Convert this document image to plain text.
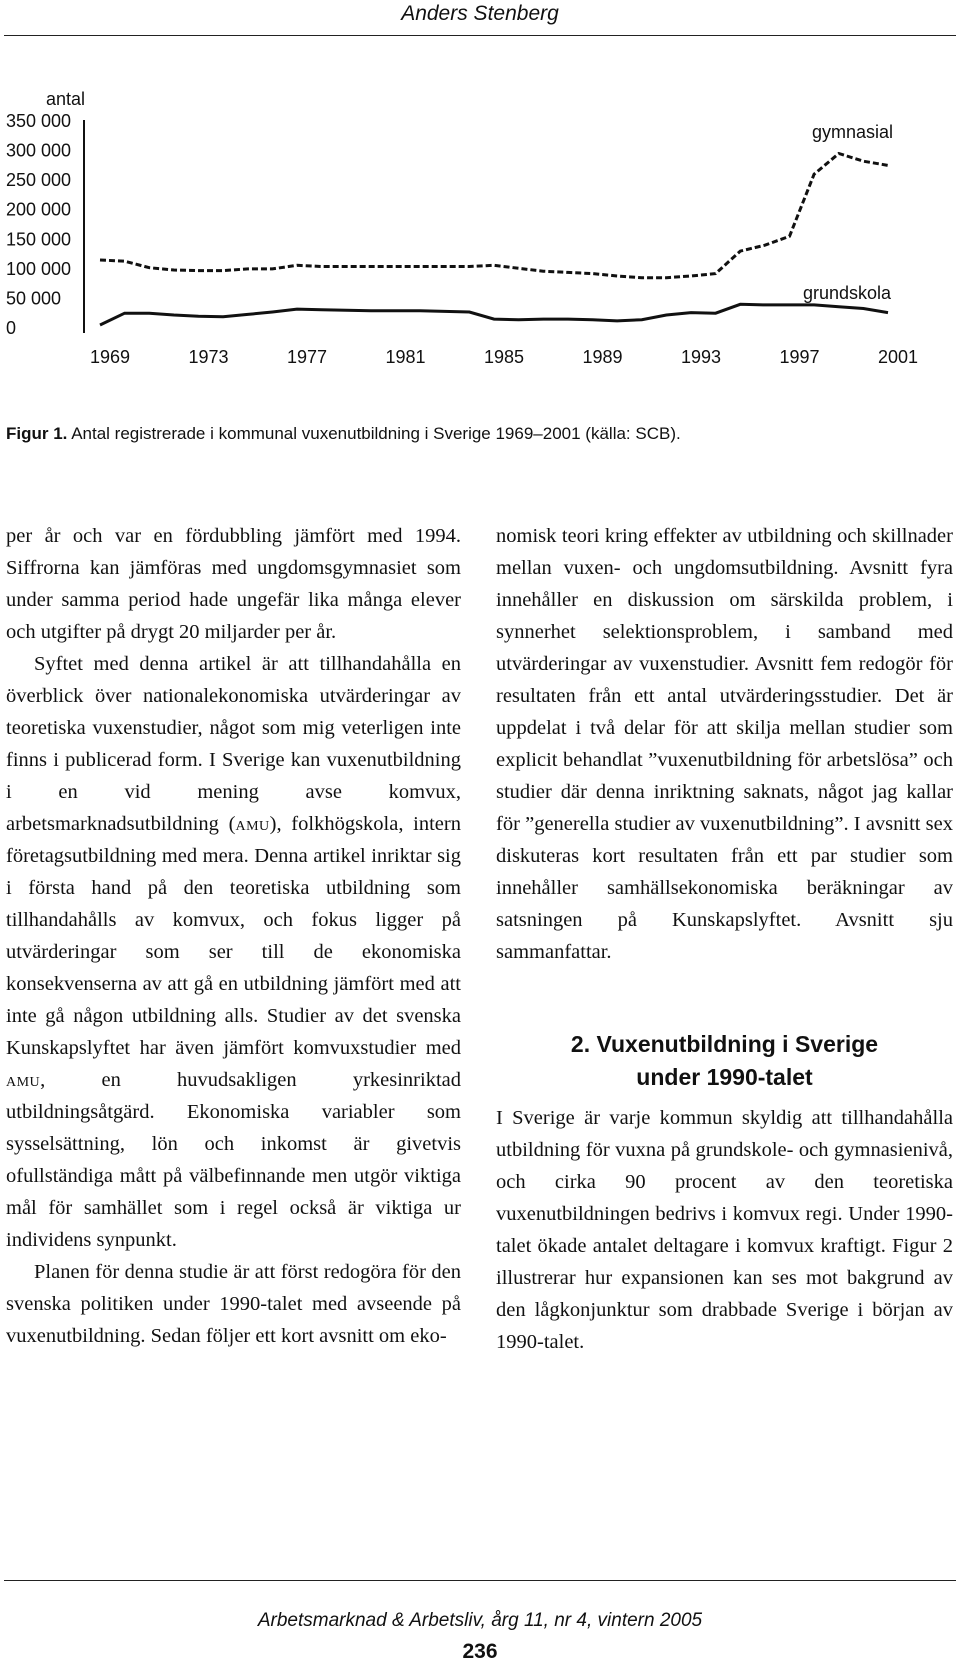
Anders Stenberg
350 000
300 000
250 000
200 000
150 000
100 000
50 000
0
1969	1973	1977	1981	1985	1989	1993	1997	2001
antal
gymnasial
grundskola
Figur 1. Antal registrerade i kommunal vuxenutbildning i Sverige 1969–2001 (källa: SCB).

per år och var en fördubbling jämfört med 1994. Siffrorna kan jämföras med ungdomsgymnasiet som under samma period hade ungefär lika många elever och utgifter på drygt 20 miljarder per år.

Syftet med denna artikel är att tillhandahålla en överblick över nationalekonomiska utvärderingar av teoretiska vuxenstudier, något som mig veterligen inte finns i publicerad form. I Sverige kan vuxenutbildning i en vid mening avse komvux, arbetsmarknadsutbildning (amu), folkhögskola, intern företagsutbildning med mera. Denna artikel inriktar sig i första hand på den teoretiska utbildning som tillhandahålls av komvux, och fokus ligger på utvärderingar som ser till de ekonomiska konsekvenserna av att gå en utbildning jämfört med att inte gå någon utbildning alls. Studier av det svenska Kunskapslyftet har även jämfört komvuxstudier med amu, en huvudsakligen yrkesinriktad utbildningsåtgärd. Ekonomiska variabler som sysselsättning, lön och inkomst är givetvis ofullständiga mått på välbefinnande men utgör viktiga mål för samhället som i regel också är viktiga ur individens synpunkt.

Planen för denna studie är att först redogöra för den svenska politiken under 1990-talet med avseende på vuxenutbildning. Sedan följer ett kort avsnitt om eko-

nomisk teori kring effekter av utbildning och skillnader mellan vuxen- och ungdomsutbildning. Avsnitt fyra innehåller en diskussion om särskilda problem, i synnerhet selektionsproblem, i samband med utvärderingar av vuxenstudier. Avsnitt fem redogör för resultaten från ett antal utvärderingsstudier. Det är uppdelat i två delar för att skilja mellan studier som explicit behandlat ”vuxenutbildning för arbetslösa” och studier där denna inriktning saknats, något jag kallar för ”generella studier av vuxenutbildning”. I avsnitt sex diskuteras kort resultaten från ett par studier som innehåller samhällsekonomiska beräkningar av satsningen på Kunskapslyftet. Avsnitt sju sammanfattar.

2. Vuxenutbildning i Sverige
under 1990-talet

I Sverige är varje kommun skyldig att tillhandahålla utbildning för vuxna på grundskole- och gymnasienivå, och cirka 90 procent av den teoretiska vuxenutbildningen bedrivs i komvux regi. Under 1990-talet ökade antalet deltagare i komvux kraftigt. Figur 2 illustrerar hur expansionen kan ses mot bakgrund av den lågkonjunktur som drabbade Sverige i början av 1990-talet.

Arbetsmarknad & Arbetsliv, årg 11, nr 4, vintern 2005
236
